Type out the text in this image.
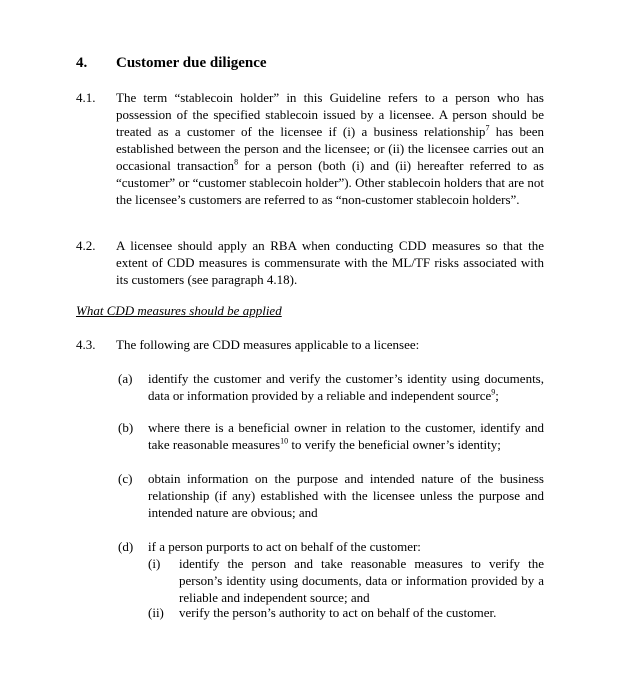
4. Customer due diligence
4.1. The term “stablecoin holder” in this Guideline refers to a person who has possession of the specified stablecoin issued by a licensee. A person should be treated as a customer of the licensee if (i) a business relationship$^7$ has been established between the person and the licensee; or (ii) the licensee carries out an occasional transaction$^8$ for a person (both (i) and (ii) hereafter referred to as “customer” or “customer stablecoin holder”). Other stablecoin holders that are not the licensee’s customers are referred to as “non-customer stablecoin holders”.
4.2. A licensee should apply an RBA when conducting CDD measures so that the extent of CDD measures is commensurate with the ML/TF risks associated with its customers (see paragraph 4.18).
What CDD measures should be applied
4.3. The following are CDD measures applicable to a licensee:
(a) identify the customer and verify the customer’s identity using documents, data or information provided by a reliable and independent source$^9$;
(b) where there is a beneficial owner in relation to the customer, identify and take reasonable measures$^{10}$ to verify the beneficial owner’s identity;
(c) obtain information on the purpose and intended nature of the business relationship (if any) established with the licensee unless the purpose and intended nature are obvious; and
(d) if a person purports to act on behalf of the customer:
(i) identify the person and take reasonable measures to verify the person’s identity using documents, data or information provided by a reliable and independent source; and
(ii) verify the person’s authority to act on behalf of the customer.
